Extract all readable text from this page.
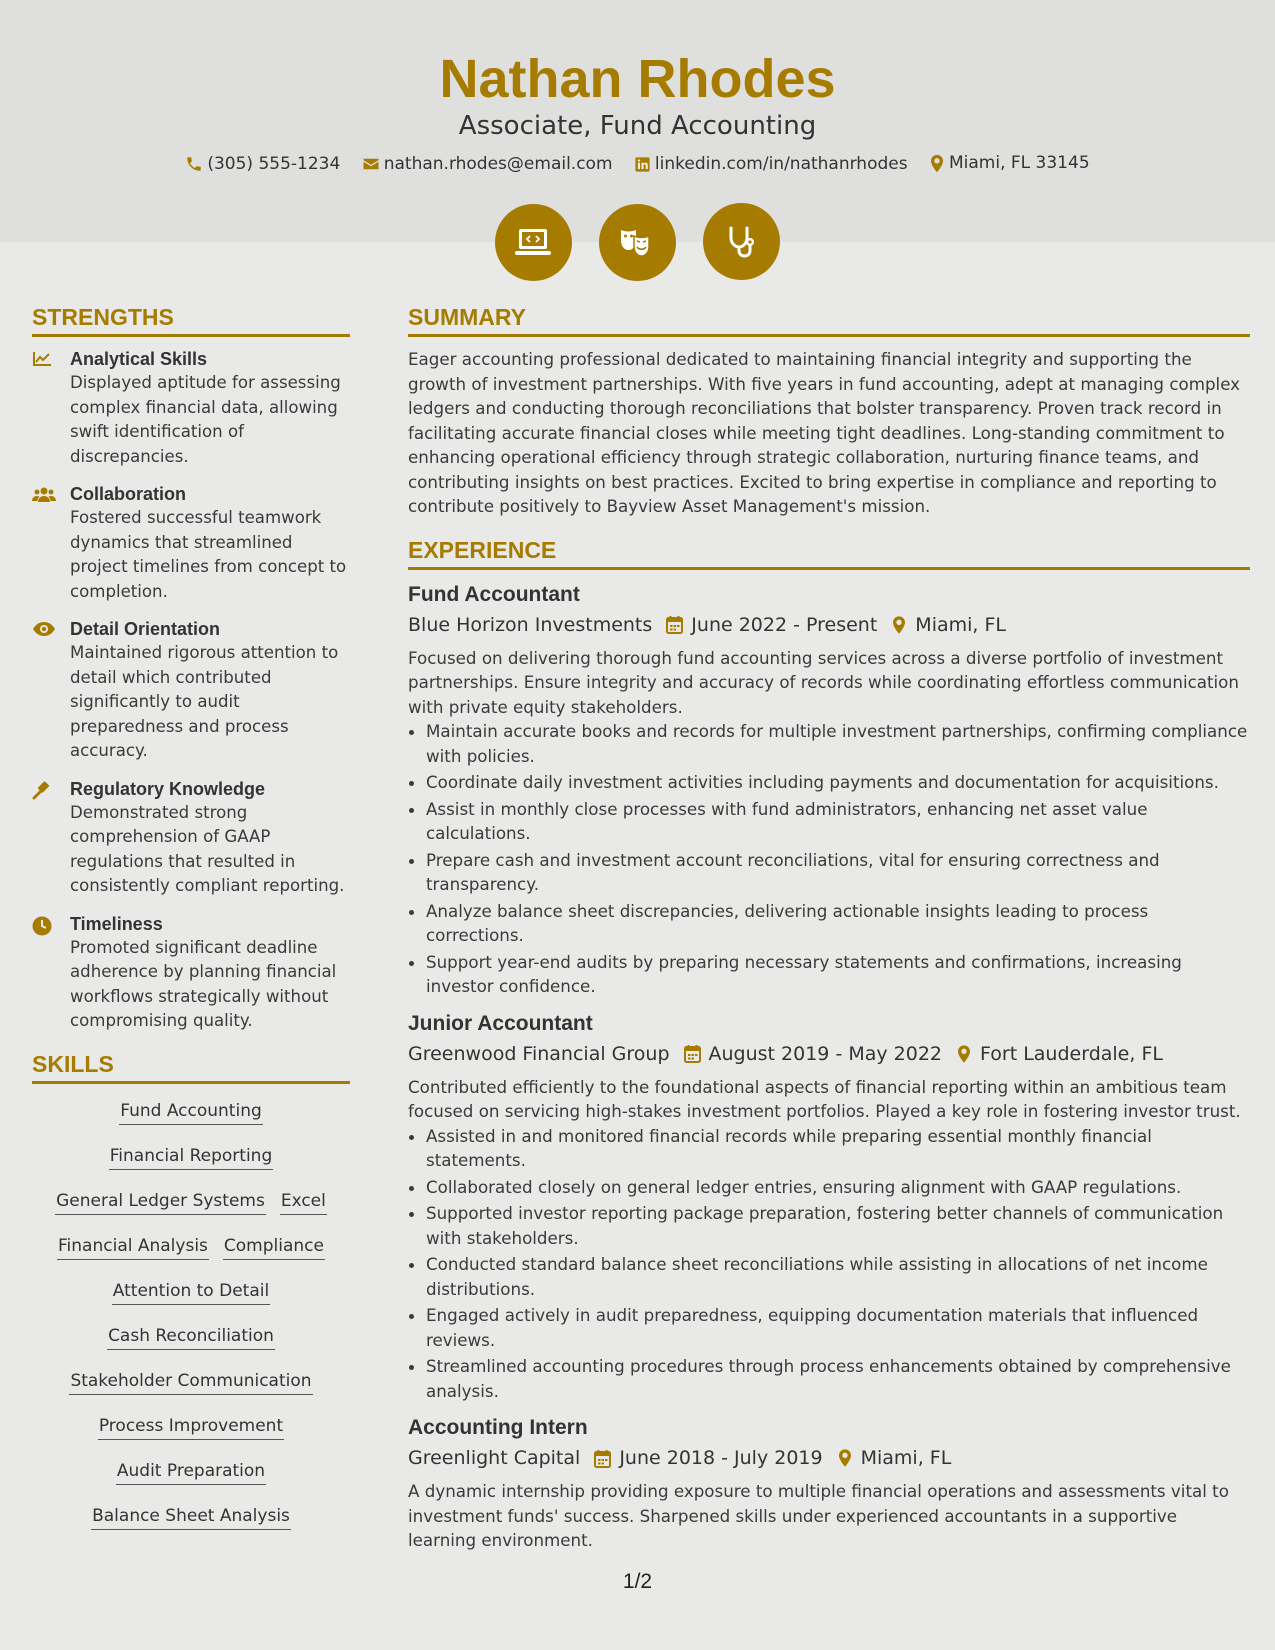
Nathan Rhodes
Associate, Fund Accounting
(305) 555-1234
	nathan.rhodes@email.com
linkedin.com/in/nathanrhodes
Miami, FL 33145

STRENGTHS
Analytical Skills
Displayed aptitude for assessing complex financial data, allowing swift identification of discrepancies.
Collaboration
Fostered successful teamwork dynamics that streamlined project timelines from concept to completion.
Detail Orientation
Maintained rigorous attention to detail which contributed significantly to audit preparedness and process accuracy.
Regulatory Knowledge
Demonstrated strong comprehension of GAAP regulations that resulted in consistently compliant reporting.
Timeliness
Promoted significant deadline adherence by planning financial workflows strategically without compromising quality.
SKILLS
Fund Accounting
Financial Reporting
General Ledger Systems Excel
Financial Analysis Compliance
Attention to Detail
Cash Reconciliation
Stakeholder Communication
Process Improvement
Audit Preparation
Balance Sheet Analysis
SUMMARY
Eager accounting professional dedicated to maintaining financial integrity and supporting the growth of investment partnerships. With five years in fund accounting, adept at managing complex ledgers and conducting thorough reconciliations that bolster transparency. Proven track record in facilitating accurate financial closes while meeting tight deadlines. Long-standing commitment to enhancing operational efficiency through strategic collaboration, nurturing finance teams, and contributing insights on best practices. Excited to bring expertise in compliance and reporting to contribute positively to Bayview Asset Management's mission.
EXPERIENCE
Fund Accountant
Blue Horizon Investments June 2022 - Present Miami, FL
Focused on delivering thorough fund accounting services across a diverse portfolio of investment partnerships. Ensure integrity and accuracy of records while coordinating effortless communication with private equity stakeholders.
• Maintain accurate books and records for multiple investment partnerships, confirming compliance with policies.
• Coordinate daily investment activities including payments and documentation for acquisitions.
• Assist in monthly close processes with fund administrators, enhancing net asset value calculations.
• Prepare cash and investment account reconciliations, vital for ensuring correctness and transparency.
• Analyze balance sheet discrepancies, delivering actionable insights leading to process corrections.
• Support year-end audits by preparing necessary statements and confirmations, increasing investor confidence.
Junior Accountant
Greenwood Financial Group August 2019 - May 2022 Fort Lauderdale, FL
Contributed efficiently to the foundational aspects of financial reporting within an ambitious team focused on servicing high-stakes investment portfolios. Played a key role in fostering investor trust.
• Assisted in and monitored financial records while preparing essential monthly financial statements.
• Collaborated closely on general ledger entries, ensuring alignment with GAAP regulations.
• Supported investor reporting package preparation, fostering better channels of communication with stakeholders.
• Conducted standard balance sheet reconciliations while assisting in allocations of net income distributions.
• Engaged actively in audit preparedness, equipping documentation materials that influenced reviews.
• Streamlined accounting procedures through process enhancements obtained by comprehensive analysis.
Accounting Intern
Greenlight Capital June 2018 - July 2019 Miami, FL
A dynamic internship providing exposure to multiple financial operations and assessments vital to investment funds' success. Sharpened skills under experienced accountants in a supportive learning environment.
1/2
